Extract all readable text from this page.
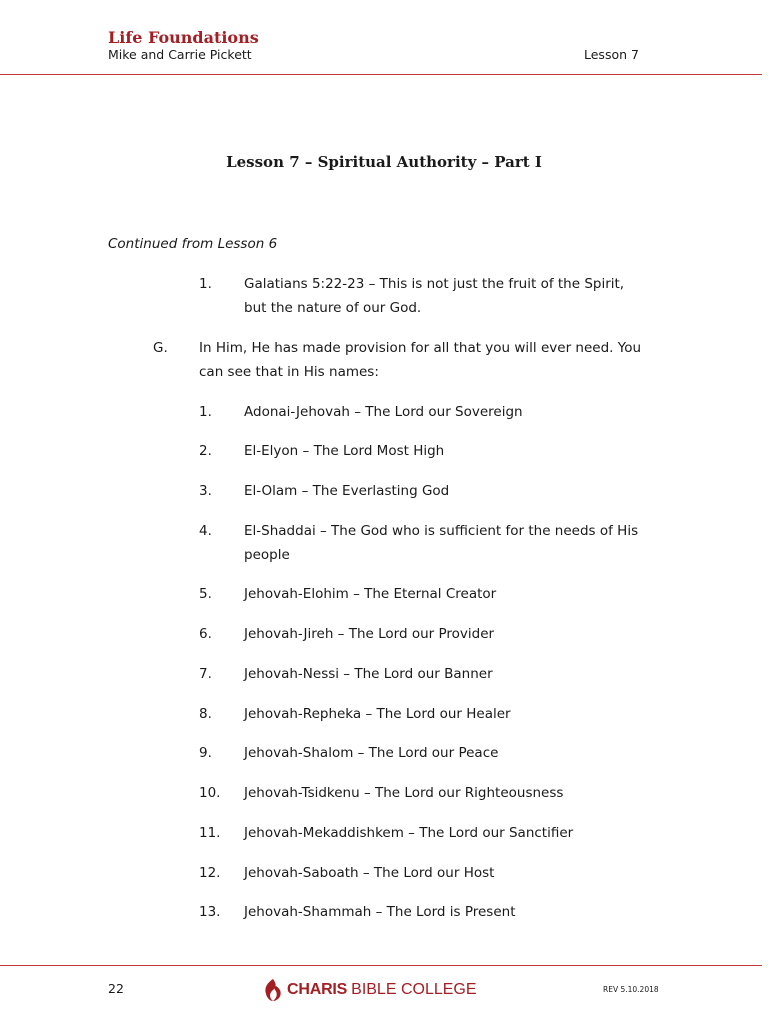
Life Foundations
Mike and Carrie Pickett	Lesson 7
Lesson 7 – Spiritual Authority – Part I
Continued from Lesson 6
1. Galatians 5:22-23 – This is not just the fruit of the Spirit,
but the nature of our God.
G. In Him, He has made provision for all that you will ever need. You
can see that in His names:
1. Adonai-Jehovah – The Lord our Sovereign
2. El-Elyon – The Lord Most High
3. El-Olam – The Everlasting God
4. El-Shaddai – The God who is sufficient for the needs of His
people
5. Jehovah-Elohim – The Eternal Creator
6. Jehovah-Jireh – The Lord our Provider
7. Jehovah-Nessi – The Lord our Banner
8. Jehovah-Repheka – The Lord our Healer
9. Jehovah-Shalom – The Lord our Peace
10. Jehovah-Tsidkenu – The Lord our Righteousness
11. Jehovah-Mekaddishkem – The Lord our Sanctifier
12. Jehovah-Saboath – The Lord our Host
13. Jehovah-Shammah – The Lord is Present
22	CHARIS BIBLE COLLEGE	REV 5.10.2018
